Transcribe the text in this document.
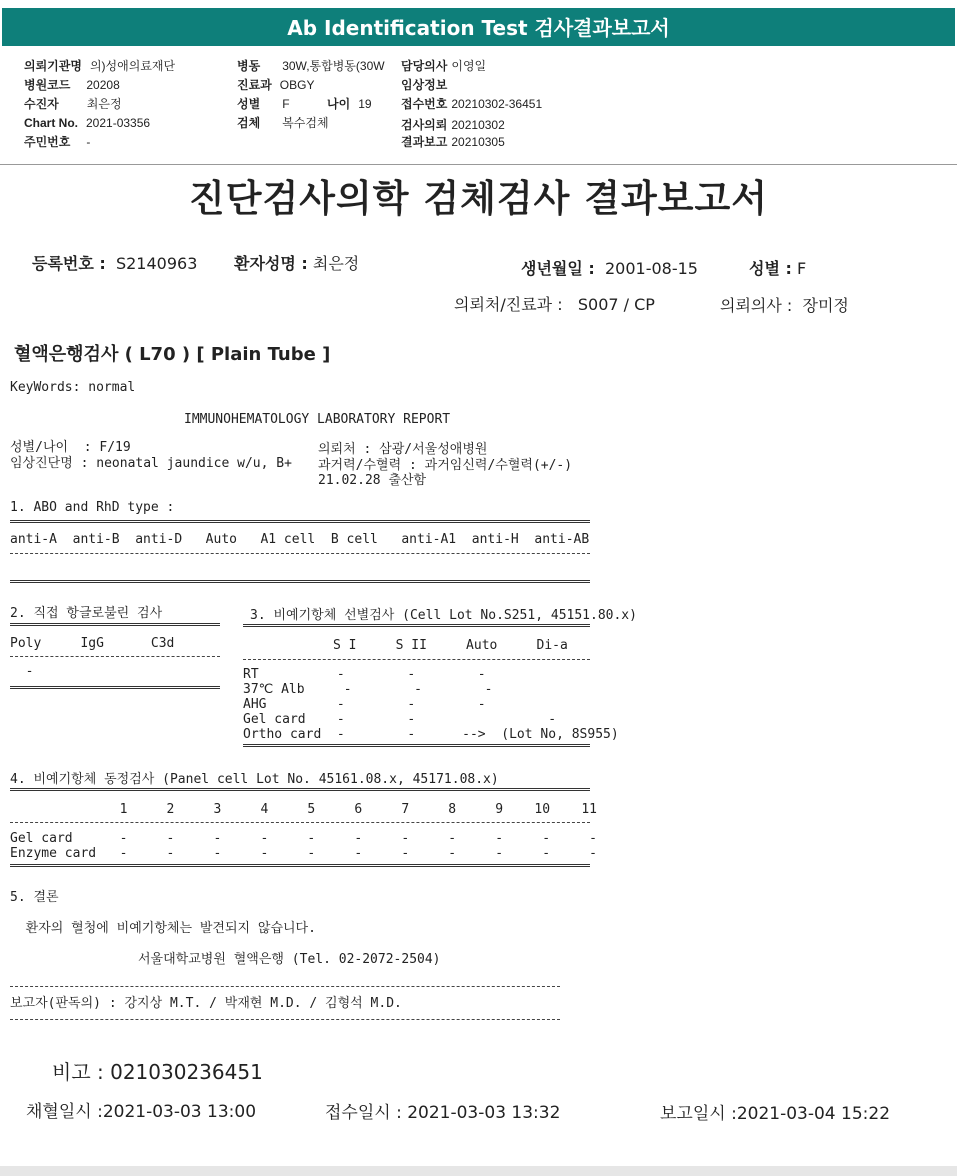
Ab Identification Test 검사결과보고서
의뢰기관명 의)성애의료재단
병원코드 20208
수진자 최은정
Chart No. 2021-03356
주민번호 -
병동 30W,통합병동(30W
진료과 OBGY
성별 F	나이 19
검체 복수검체
담당의사 이영일
임상정보
접수번호 20210302-36451
검사의뢰 20210302
결과보고 20210305
진단검사의학 검체검사 결과보고서
등록번호 : S2140963 환자성명 : 최은정	생년월일 : 2001-08-15	성별 : F
의뢰처/진료과 : S007 / CP	의뢰의사 : 장미정
혈액은행검사 ( L70 ) [ Plain Tube ]
KeyWords: normal
IMMUNOHEMATOLOGY LABORATORY REPORT
성별/나이  : F/19
임상진단명 : neonatal jaundice w/u, B+
의뢰처 : 삼광/서울성애병원
과거력/수혈력 : 과거임신력/수혈력(+/-)
21.02.28 출산함
1. ABO and RhD type :
anti-A  anti-B  anti-D   Auto   A1 cell  B cell   anti-A1  anti-H  anti-AB
2. 직접 항글로불린 검사
Poly     IgG      C3d
-
3. 비예기항체 선별검사 (Cell Lot No.S251, 45151.80.x)
S I     S II     Auto     Di-a
RT          -        -        -
37℃ Alb     -        -        -
AHG         -        -        -
Gel card    -        -                 -
Ortho card  -        -      -->  (Lot No, 8S955)
4. 비예기항체 동정검사 (Panel cell Lot No. 45161.08.x, 45171.08.x)
1     2     3     4     5     6     7     8     9    10    11
Gel card      -     -     -     -     -     -     -     -     -     -     -
Enzyme card   -     -     -     -     -     -     -     -     -     -     -
5. 결론
환자의 혈청에 비예기항체는 발견되지 않습니다.
서울대학교병원 혈액은행 (Tel. 02-2072-2504)
보고자(판독의) : 강지상 M.T. / 박재현 M.D. / 김형석 M.D.
비고 : 021030236451
채혈일시 :2021-03-03 13:00	접수일시 : 2021-03-03 13:32	보고일시 :2021-03-04 15:22
